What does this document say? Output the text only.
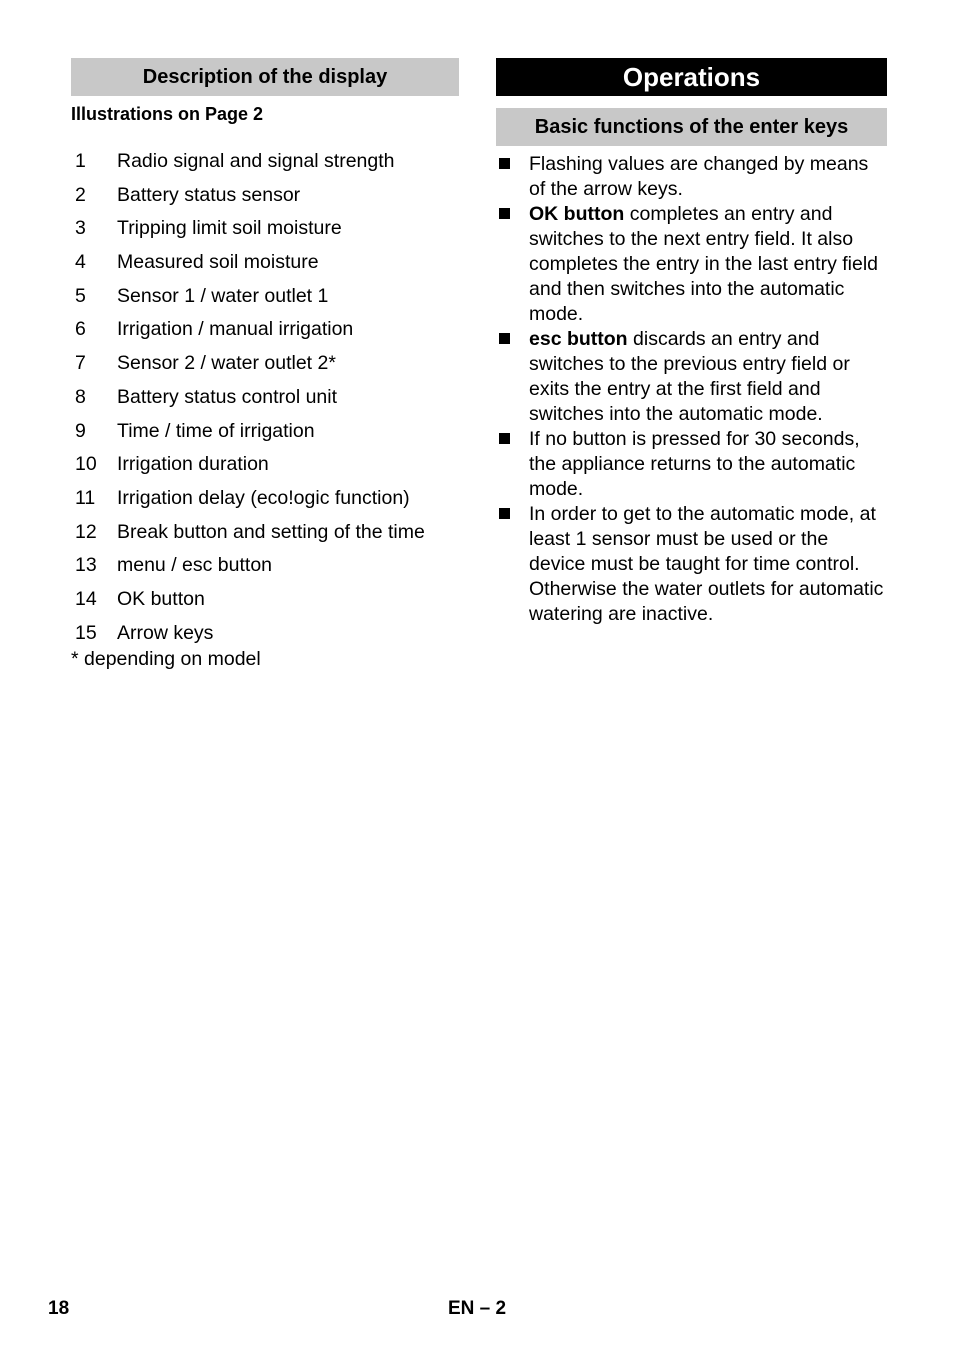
Description of the display
Illustrations on Page 2
1	Radio signal and signal strength
2	Battery status sensor
3	Tripping limit soil moisture
4	Measured soil moisture
5	Sensor 1 / water outlet 1
6	Irrigation / manual irrigation
7	Sensor 2 / water outlet 2*
8	Battery status control unit
9	Time / time of irrigation
10	Irrigation duration
11	Irrigation delay (eco!ogic function)
12	Break button and setting of the time
13	menu / esc button
14	OK button
15	Arrow keys
* depending on model
Operations
Basic functions of the enter keys
Flashing values are changed by means of the arrow keys.
OK button completes an entry and switches to the next entry field. It also completes the entry in the last entry field and then switches into the automatic mode.
esc button discards an entry and switches to the previous entry field or exits the entry at the first field and switches into the automatic mode.
If no button is pressed for 30 seconds, the appliance returns to the automatic mode.
In order to get to the automatic mode, at least 1 sensor must be used or the device must be taught for time control. Otherwise the water outlets for automatic watering are inactive.
18	EN – 2
